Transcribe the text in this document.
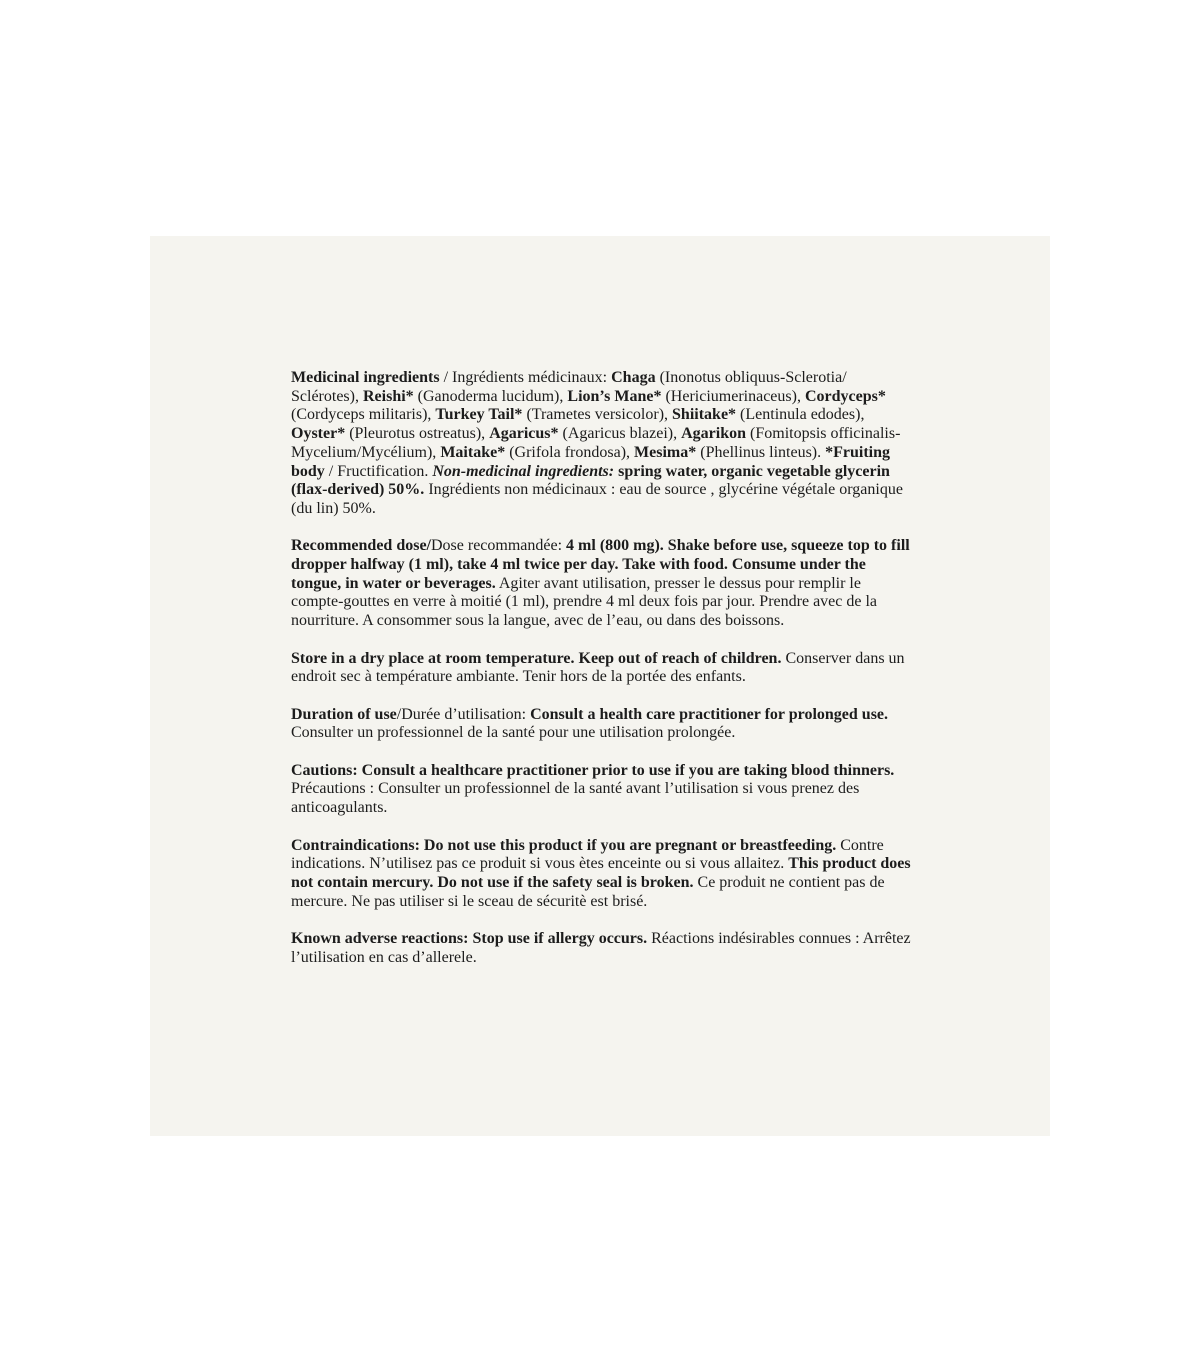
Medicinal ingredients / Ingrédients médicinaux: Chaga (Inonotus obliquus-Sclerotia/ Sclérotes), Reishi* (Ganoderma lucidum), Lion’s Mane* (Hericiumerinaceus), Cordyceps* (Cordyceps militaris), Turkey Tail* (Trametes versicolor), Shiitake* (Lentinula edodes), Oyster* (Pleurotus ostreatus), Agaricus* (Agaricus blazei), Agarikon (Fomitopsis officinalis-Mycelium/Mycélium), Maitake* (Grifola frondosa), Mesima* (Phellinus linteus). *Fruiting body / Fructification. Non-medicinal ingredients: spring water, organic vegetable glycerin (flax-derived) 50%. Ingrédients non médicinaux : eau de source , glycérine végétale organique (du lin) 50%.

Recommended dose/Dose recommandée: 4 ml (800 mg). Shake before use, squeeze top to fill dropper halfway (1 ml), take 4 ml twice per day. Take with food. Consume under the tongue, in water or beverages. Agiter avant utilisation, presser le dessus pour remplir le compte-gouttes en verre à moitié (1 ml), prendre 4 ml deux fois par jour. Prendre avec de la nourriture. A consommer sous la langue, avec de l’eau, ou dans des boissons.

Store in a dry place at room temperature. Keep out of reach of children. Conserver dans un endroit sec à température ambiante. Tenir hors de la portée des enfants.

Duration of use/Durée d’utilisation: Consult a health care practitioner for prolonged use. Consulter un professionnel de la santé pour une utilisation prolongée.

Cautions: Consult a healthcare practitioner prior to use if you are taking blood thinners. Précautions : Consulter un professionnel de la santé avant l’utilisation si vous prenez des anticoagulants.

Contraindications: Do not use this product if you are pregnant or breastfeeding. Contre indications. N’utilisez pas ce produit si vous ètes enceinte ou si vous allaitez. This product does not contain mercury. Do not use if the safety seal is broken. Ce produit ne contient pas de mercure. Ne pas utiliser si le sceau de sécuritè est brisé.

Known adverse reactions: Stop use if allergy occurs. Réactions indésirables connues : Arrêtez l’utilisation en cas d’allerele.
